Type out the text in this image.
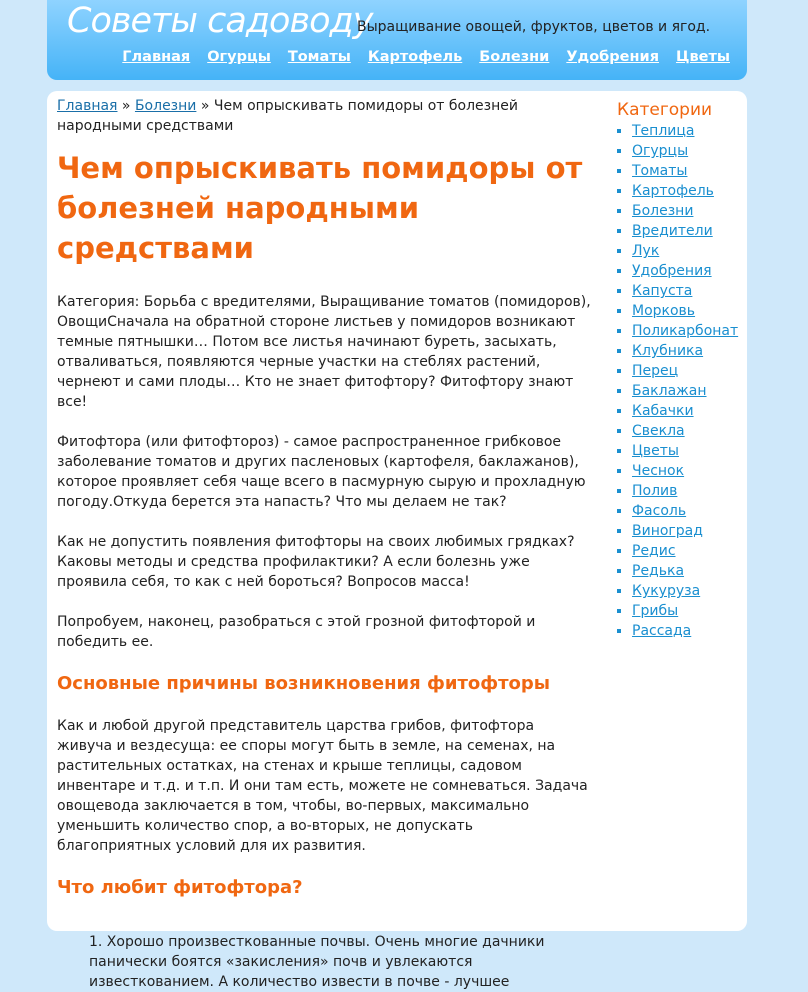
Советы садоводу
Выращивание овощей, фруктов, цветов и ягод.
Главная Огурцы Томаты Картофель Болезни Удобрения Цветы
Главная » Болезни » Чем опрыскивать помидоры от болезней народными средствами
Чем опрыскивать помидоры от болезней народными средствами

Категория: Борьба с вредителями, Выращивание томатов (помидоров), ОвощиСначала на обратной стороне листьев у помидоров возникают темные пятнышки… Потом все листья начинают буреть, засыхать, отваливаться, появляются черные участки на стеблях растений, чернеют и сами плоды… Кто не знает фитофтору? Фитофтору знают все!

Фитофтора (или фитофтороз) - самое распространенное грибковое заболевание томатов и других пасленовых (картофеля, баклажанов), которое проявляет себя чаще всего в пасмурную сырую и прохладную погоду.Откуда берется эта напасть? Что мы делаем не так?

Как не допустить появления фитофторы на своих любимых грядках? Каковы методы и средства профилактики? А если болезнь уже проявила себя, то как с ней бороться? Вопросов масса!

Попробуем, наконец, разобраться с этой грозной фитофторой и победить ее.

Основные причины возникновения фитофторы

Как и любой другой представитель царства грибов, фитофтора живуча и вездесуща: ее споры могут быть в земле, на семенах, на растительных остатках, на стенах и крыше теплицы, садовом инвентаре и т.д. и т.п. И они там есть, можете не сомневаться. Задача овощевода заключается в том, чтобы, во-первых, максимально уменьшить количество спор, а во-вторых, не допускать благоприятных условий для их развития.

Что любит фитофтора?
1. Хорошо произвесткованные почвы. Очень многие дачники панически боятся «закисления» почв и увлекаются известкованием. А количество извести в почве - лучшее
Категории
▪ Теплица
▪ Огурцы
▪ Томаты
▪ Картофель
▪ Болезни
▪ Вредители
▪ Лук
▪ Удобрения
▪ Капуста
▪ Морковь
▪ Поликарбонат
▪ Клубника
▪ Перец
▪ Баклажан
▪ Кабачки
▪ Свекла
▪ Цветы
▪ Чеснок
▪ Полив
▪ Фасоль
▪ Виноград
▪ Редис
▪ Редька
▪ Кукуруза
▪ Грибы
▪ Рассада
